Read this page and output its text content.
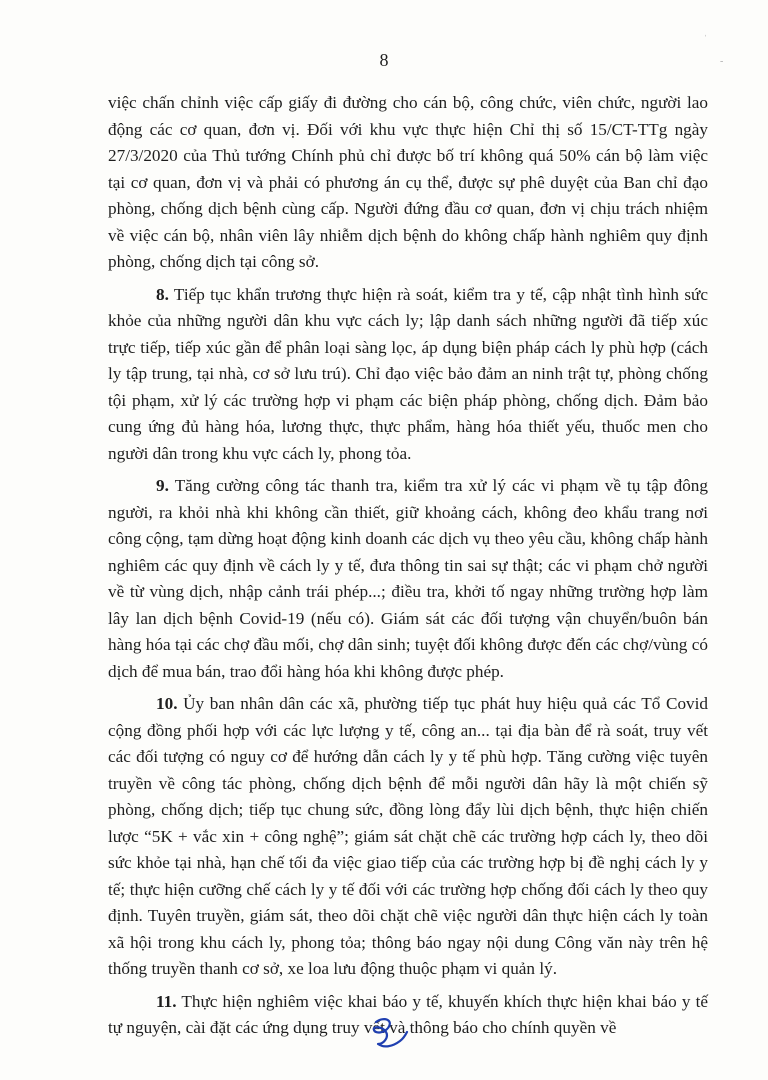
8
ˈ
-

việc chấn chỉnh việc cấp giấy đi đường cho cán bộ, công chức, viên chức, người lao động các cơ quan, đơn vị. Đối với khu vực thực hiện Chỉ thị số 15/CT-TTg ngày 27/3/2020 của Thủ tướng Chính phủ chỉ được bố trí không quá 50% cán bộ làm việc tại cơ quan, đơn vị và phải có phương án cụ thể, được sự phê duyệt của Ban chỉ đạo phòng, chống dịch bệnh cùng cấp. Người đứng đầu cơ quan, đơn vị chịu trách nhiệm về việc cán bộ, nhân viên lây nhiễm dịch bệnh do không chấp hành nghiêm quy định phòng, chống dịch tại công sở.

8. Tiếp tục khẩn trương thực hiện rà soát, kiểm tra y tế, cập nhật tình hình sức khỏe của những người dân khu vực cách ly; lập danh sách những người đã tiếp xúc trực tiếp, tiếp xúc gần để phân loại sàng lọc, áp dụng biện pháp cách ly phù hợp (cách ly tập trung, tại nhà, cơ sở lưu trú). Chỉ đạo việc bảo đảm an ninh trật tự, phòng chống tội phạm, xử lý các trường hợp vi phạm các biện pháp phòng, chống dịch. Đảm bảo cung ứng đủ hàng hóa, lương thực, thực phẩm, hàng hóa thiết yếu, thuốc men cho người dân trong khu vực cách ly, phong tỏa.

9. Tăng cường công tác thanh tra, kiểm tra xử lý các vi phạm về tụ tập đông người, ra khỏi nhà khi không cần thiết, giữ khoảng cách, không đeo khẩu trang nơi công cộng, tạm dừng hoạt động kinh doanh các dịch vụ theo yêu cầu, không chấp hành nghiêm các quy định về cách ly y tế, đưa thông tin sai sự thật; các vi phạm chở người về từ vùng dịch, nhập cảnh trái phép...; điều tra, khởi tố ngay những trường hợp làm lây lan dịch bệnh Covid-19 (nếu có). Giám sát các đối tượng vận chuyển/buôn bán hàng hóa tại các chợ đầu mối, chợ dân sinh; tuyệt đối không được đến các chợ/vùng có dịch để mua bán, trao đổi hàng hóa khi không được phép.

10. Ủy ban nhân dân các xã, phường tiếp tục phát huy hiệu quả các Tổ Covid cộng đồng phối hợp với các lực lượng y tế, công an... tại địa bàn để rà soát, truy vết các đối tượng có nguy cơ để hướng dẫn cách ly y tế phù hợp. Tăng cường việc tuyên truyền về công tác phòng, chống dịch bệnh để mỗi người dân hãy là một chiến sỹ phòng, chống dịch; tiếp tục chung sức, đồng lòng đẩy lùi dịch bệnh, thực hiện chiến lược “5K + vắc xin + công nghệ”; giám sát chặt chẽ các trường hợp cách ly, theo dõi sức khỏe tại nhà, hạn chế tối đa việc giao tiếp của các trường hợp bị đề nghị cách ly y tế; thực hiện cưỡng chế cách ly y tế đối với các trường hợp chống đối cách ly theo quy định. Tuyên truyền, giám sát, theo dõi chặt chẽ việc người dân thực hiện cách ly toàn xã hội trong khu cách ly, phong tỏa; thông báo ngay nội dung Công văn này trên hệ thống truyền thanh cơ sở, xe loa lưu động thuộc phạm vi quản lý.

11. Thực hiện nghiêm việc khai báo y tế, khuyến khích thực hiện khai báo y tế tự nguyện, cài đặt các ứng dụng truy vết và thông báo cho chính quyền về
